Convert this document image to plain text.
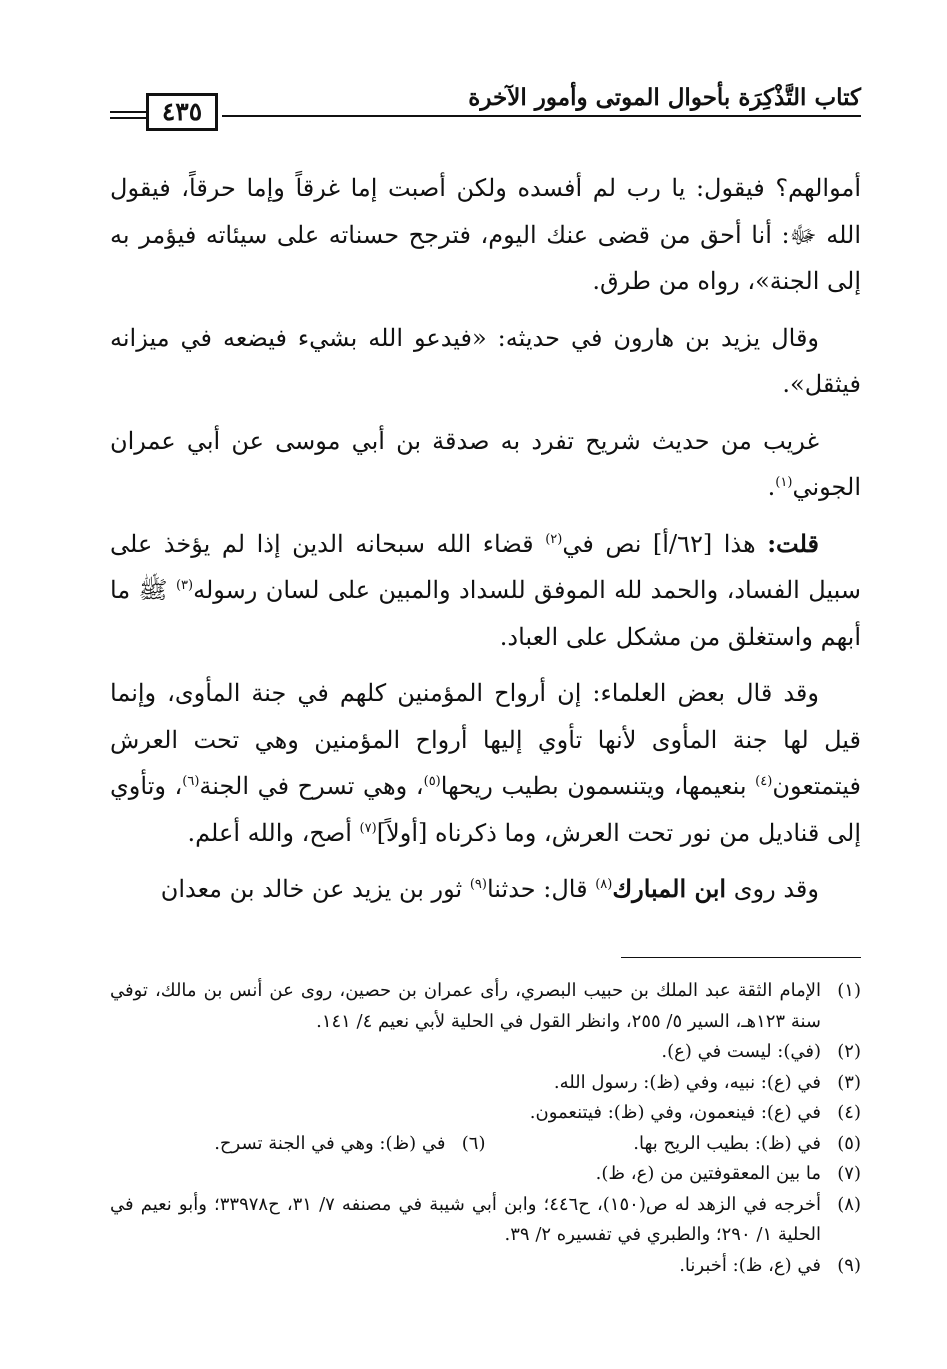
كتاب التَّذْكِرَة بأحوال الموتى وأمور الآخرة
٤٣٥

أموالهم؟ فيقول: يا رب لم أفسده ولكن أصبت إما غرقاً وإما حرقاً، فيقول الله ﷻ: أنا أحق من قضى عنك اليوم، فترجح حسناته على سيئاته فيؤمر به إلى الجنة»، رواه من طرق.

وقال يزيد بن هارون في حديثه: «فيدعو الله بشيء فيضعه في ميزانه فيثقل».

غريب من حديث شريح تفرد به صدقة بن أبي موسى عن أبي عمران الجوني$^{(١)}$.

قلت: هذا [٦٢/أ] نص في$^{(٢)}$ قضاء الله سبحانه الدين إذا لم يؤخذ على سبيل الفساد، والحمد لله الموفق للسداد والمبين على لسان رسوله$^{(٣)}$ ﷺ ما أبهم واستغلق من مشكل على العباد.

وقد قال بعض العلماء: إن أرواح المؤمنين كلهم في جنة المأوى، وإنما قيل لها جنة المأوى لأنها تأوي إليها أرواح المؤمنين وهي تحت العرش فيتمتعون$^{(٤)}$ بنعيمها، ويتنسمون بطيب ريحها$^{(٥)}$، وهي تسرح في الجنة$^{(٦)}$، وتأوي إلى قناديل من نور تحت العرش، وما ذكرناه [أولاً]$^{(٧)}$ أصح، والله أعلم.

وقد روى ابن المبارك$^{(٨)}$ قال: حدثنا$^{(٩)}$ ثور بن يزيد عن خالد بن معدان

(١)
الإمام الثقة عبد الملك بن حبيب البصري، رأى عمران بن حصين، روى عن أنس بن مالك، توفي سنة ١٢٣هـ، السير ٥/ ٢٥٥، وانظر القول في الحلية لأبي نعيم ٤/ ١٤١.
(٢)
(في): ليست في (ع).
(٣)
في (ع): نبيه، وفي (ظ): رسول الله.
(٤)
في (ع): فينعمون، وفي (ظ): فيتنعمون.
(٥)
في (ظ): بطيب الريح بها.
(٦)
في (ظ): وهي في الجنة تسرح.
(٧)
ما بين المعقوفتين من (ع، ظ).
(٨)
أخرجه في الزهد له ص(١٥٠)، ح٤٤٦؛ وابن أبي شيبة في مصنفه ٧/ ٣١، ح٣٣٩٧٨؛ وأبو نعيم في الحلية ١/ ٢٩٠؛ والطبري في تفسيره ٢/ ٣٩.
(٩)
في (ع، ظ): أخبرنا.
